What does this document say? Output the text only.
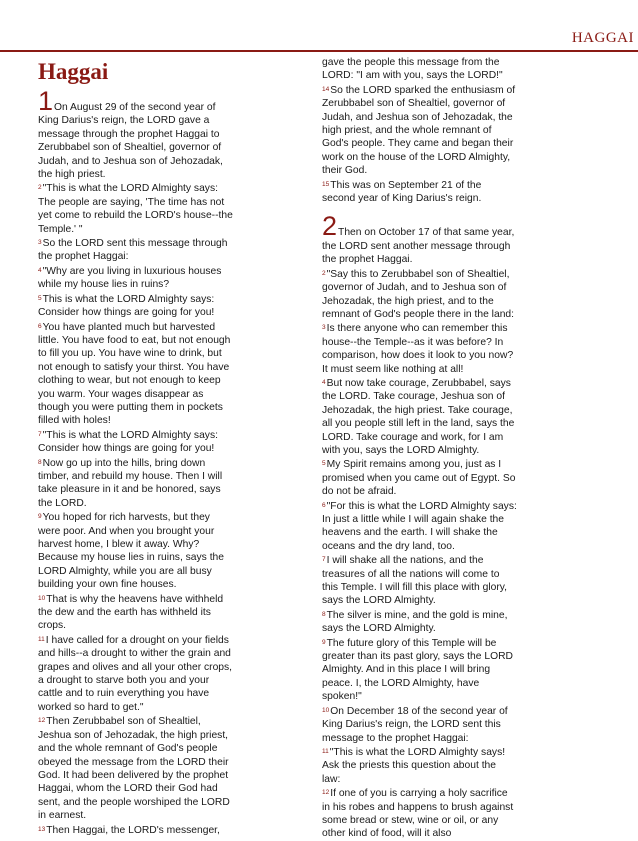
HAGGAI
Haggai
1On August 29 of the second year of King Darius's reign, the LORD gave a message through the prophet Haggai to Zerubbabel son of Shealtiel, governor of Judah, and to Jeshua son of Jehozadak, the high priest.
2"This is what the LORD Almighty says: The people are saying, 'The time has not yet come to rebuild the LORD's house--the Temple.' "
3So the LORD sent this message through the prophet Haggai:
4"Why are you living in luxurious houses while my house lies in ruins?
5This is what the LORD Almighty says: Consider how things are going for you!
6You have planted much but harvested little. You have food to eat, but not enough to fill you up. You have wine to drink, but not enough to satisfy your thirst. You have clothing to wear, but not enough to keep you warm. Your wages disappear as though you were putting them in pockets filled with holes!
7"This is what the LORD Almighty says: Consider how things are going for you!
8Now go up into the hills, bring down timber, and rebuild my house. Then I will take pleasure in it and be honored, says the LORD.
9You hoped for rich harvests, but they were poor. And when you brought your harvest home, I blew it away. Why? Because my house lies in ruins, says the LORD Almighty, while you are all busy building your own fine houses.
10That is why the heavens have withheld the dew and the earth has withheld its crops.
11I have called for a drought on your fields and hills--a drought to wither the grain and grapes and olives and all your other crops, a drought to starve both you and your cattle and to ruin everything you have worked so hard to get."
12Then Zerubbabel son of Shealtiel, Jeshua son of Jehozadak, the high priest, and the whole remnant of God's people obeyed the message from the LORD their God. It had been delivered by the prophet Haggai, whom the LORD their God had sent, and the people worshiped the LORD in earnest.
13Then Haggai, the LORD's messenger,
gave the people this message from the LORD: "I am with you, says the LORD!"
14So the LORD sparked the enthusiasm of Zerubbabel son of Shealtiel, governor of Judah, and Jeshua son of Jehozadak, the high priest, and the whole remnant of God's people. They came and began their work on the house of the LORD Almighty, their God.
15This was on September 21 of the second year of King Darius's reign.
2Then on October 17 of that same year, the LORD sent another message through the prophet Haggai.
2"Say this to Zerubbabel son of Shealtiel, governor of Judah, and to Jeshua son of Jehozadak, the high priest, and to the remnant of God's people there in the land:
3Is there anyone who can remember this house--the Temple--as it was before? In comparison, how does it look to you now? It must seem like nothing at all!
4But now take courage, Zerubbabel, says the LORD. Take courage, Jeshua son of Jehozadak, the high priest. Take courage, all you people still left in the land, says the LORD. Take courage and work, for I am with you, says the LORD Almighty.
5My Spirit remains among you, just as I promised when you came out of Egypt. So do not be afraid.
6"For this is what the LORD Almighty says: In just a little while I will again shake the heavens and the earth. I will shake the oceans and the dry land, too.
7I will shake all the nations, and the treasures of all the nations will come to this Temple. I will fill this place with glory, says the LORD Almighty.
8The silver is mine, and the gold is mine, says the LORD Almighty.
9The future glory of this Temple will be greater than its past glory, says the LORD Almighty. And in this place I will bring peace. I, the LORD Almighty, have spoken!"
10On December 18 of the second year of King Darius's reign, the LORD sent this message to the prophet Haggai:
11"This is what the LORD Almighty says! Ask the priests this question about the law:
12If one of you is carrying a holy sacrifice in his robes and happens to brush against some bread or stew, wine or oil, or any other kind of food, will it also
